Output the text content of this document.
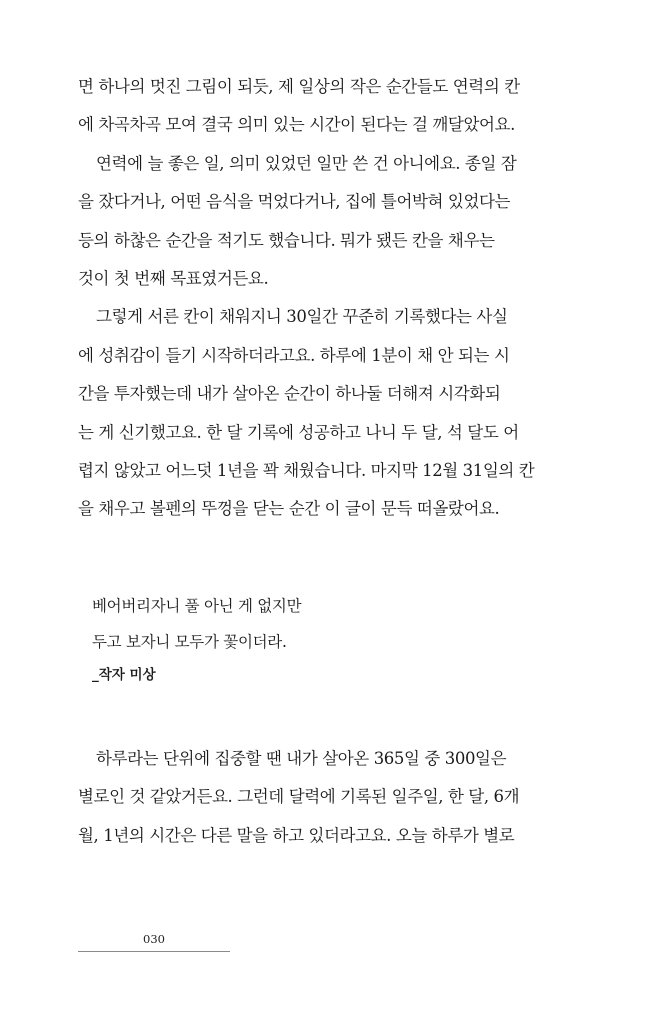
면 하나의 멋진 그림이 되듯, 제 일상의 작은 순간들도 연력의 칸
에 차곡차곡 모여 결국 의미 있는 시간이 된다는 걸 깨달았어요.
연력에 늘 좋은 일, 의미 있었던 일만 쓴 건 아니에요. 종일 잠
을 잤다거나, 어떤 음식을 먹었다거나, 집에 틀어박혀 있었다는
등의 하찮은 순간을 적기도 했습니다. 뭐가 됐든 칸을 채우는
것이 첫 번째 목표였거든요.
그렇게 서른 칸이 채워지니 30일간 꾸준히 기록했다는 사실
에 성취감이 들기 시작하더라고요. 하루에 1분이 채 안 되는 시
간을 투자했는데 내가 살아온 순간이 하나둘 더해져 시각화되
는 게 신기했고요. 한 달 기록에 성공하고 나니 두 달, 석 달도 어
렵지 않았고 어느덧 1년을 꽉 채웠습니다. 마지막 12월 31일의 칸
을 채우고 볼펜의 뚜껑을 닫는 순간 이 글이 문득 떠올랐어요.
베어버리자니 풀 아닌 게 없지만
두고 보자니 모두가 꽃이더라.
_작자 미상
하루라는 단위에 집중할 땐 내가 살아온 365일 중 300일은
별로인 것 같았거든요. 그런데 달력에 기록된 일주일, 한 달, 6개
월, 1년의 시간은 다른 말을 하고 있더라고요. 오늘 하루가 별로
030
